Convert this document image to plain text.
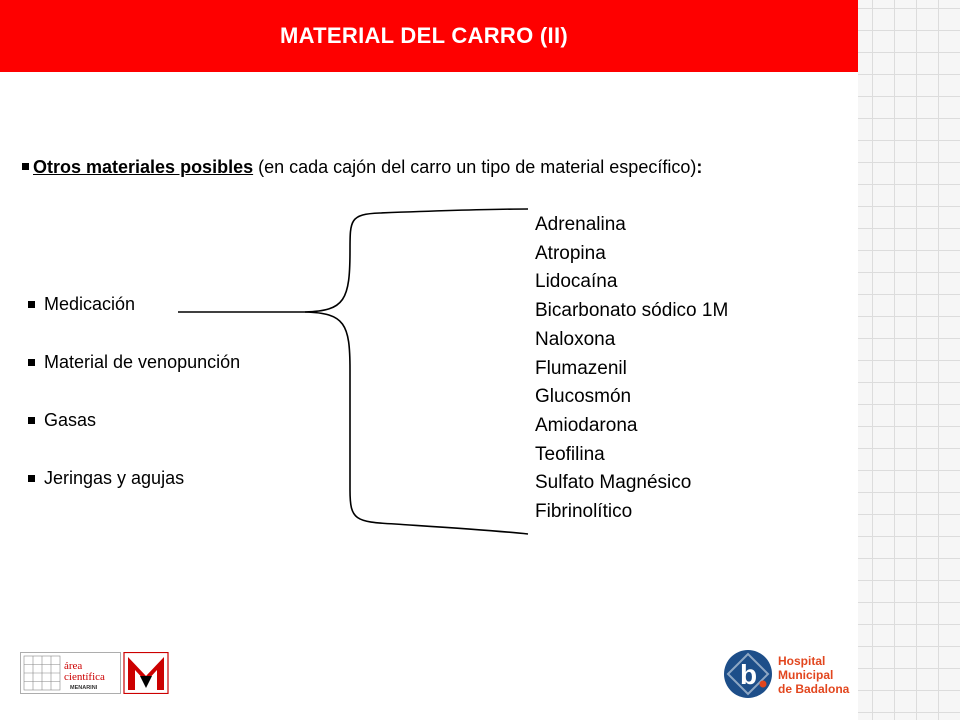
MATERIAL DEL CARRO (II)
Otros materiales posibles (en cada cajón del carro un tipo de material específico):
Medicación
Material de venopunción
Gasas
Jeringas y agujas
Adrenalina
Atropina
Lidocaína
Bicarbonato sódico 1M
Naloxona
Flumazenil
Glucosmón
Amiodarona
Teofilina
Sulfato Magnésico
Fibrinolítico
área
científica
MENARINI	b Hospital
Municipal
de Badalona
